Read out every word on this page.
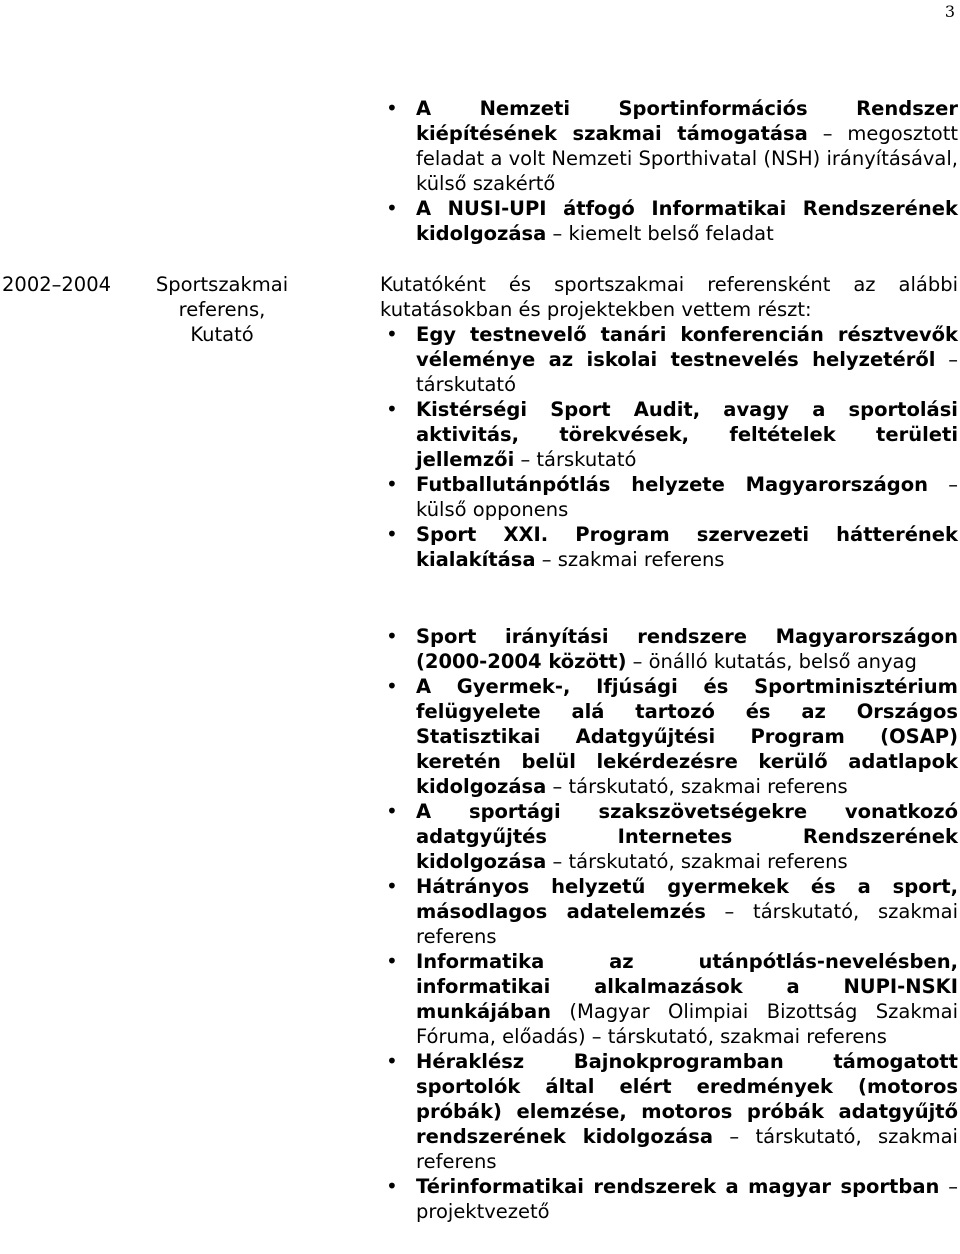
3
• A Nemzeti Sportinformációs Rendszer kiépítésének szakmai támogatása – megosztott feladat a volt Nemzeti Sporthivatal (NSH) irányításával, külső szakértő
• A NUSI-UPI átfogó Informatikai Rendszerének kidolgozása – kiemelt belső feladat
2002–2004	Sportszakmai referens, Kutató

Kutatóként és sportszakmai referensként az alábbi kutatásokban és projektekben vettem részt:

• Egy testnevelő tanári konferencián résztvevők véleménye az iskolai testnevelés helyzetéről – társkutató
• Kistérségi Sport Audit, avagy a sportolási aktivitás, törekvések, feltételek területi jellemzői – társkutató
• Futballutánpótlás helyzete Magyarországon – külső opponens
• Sport XXI. Program szervezeti hátterének kialakítása – szakmai referens
• Sport irányítási rendszere Magyarországon (2000-2004 között) – önálló kutatás, belső anyag
• A Gyermek-, Ifjúsági és Sportminisztérium felügyelete alá tartozó és az Országos Statisztikai Adatgyűjtési Program (OSAP) keretén belül lekérdezésre kerülő adatlapok kidolgozása – társkutató, szakmai referens
• A sportági szakszövetségekre vonatkozó adatgyűjtés Internetes Rendszerének kidolgozása – társkutató, szakmai referens
• Hátrányos helyzetű gyermekek és a sport, másodlagos adatelemzés – társkutató, szakmai referens
• Informatika az utánpótlás-nevelésben, informatikai alkalmazások a NUPI-NSKI munkájában (Magyar Olimpiai Bizottság Szakmai Fóruma, előadás) – társkutató, szakmai referens
• Héraklész Bajnokprogramban támogatott sportolók által elért eredmények (motoros próbák) elemzése, motoros próbák adatgyűjtő rendszerének kidolgozása – társkutató, szakmai referens
• Térinformatikai rendszerek a magyar sportban – projektvezető
